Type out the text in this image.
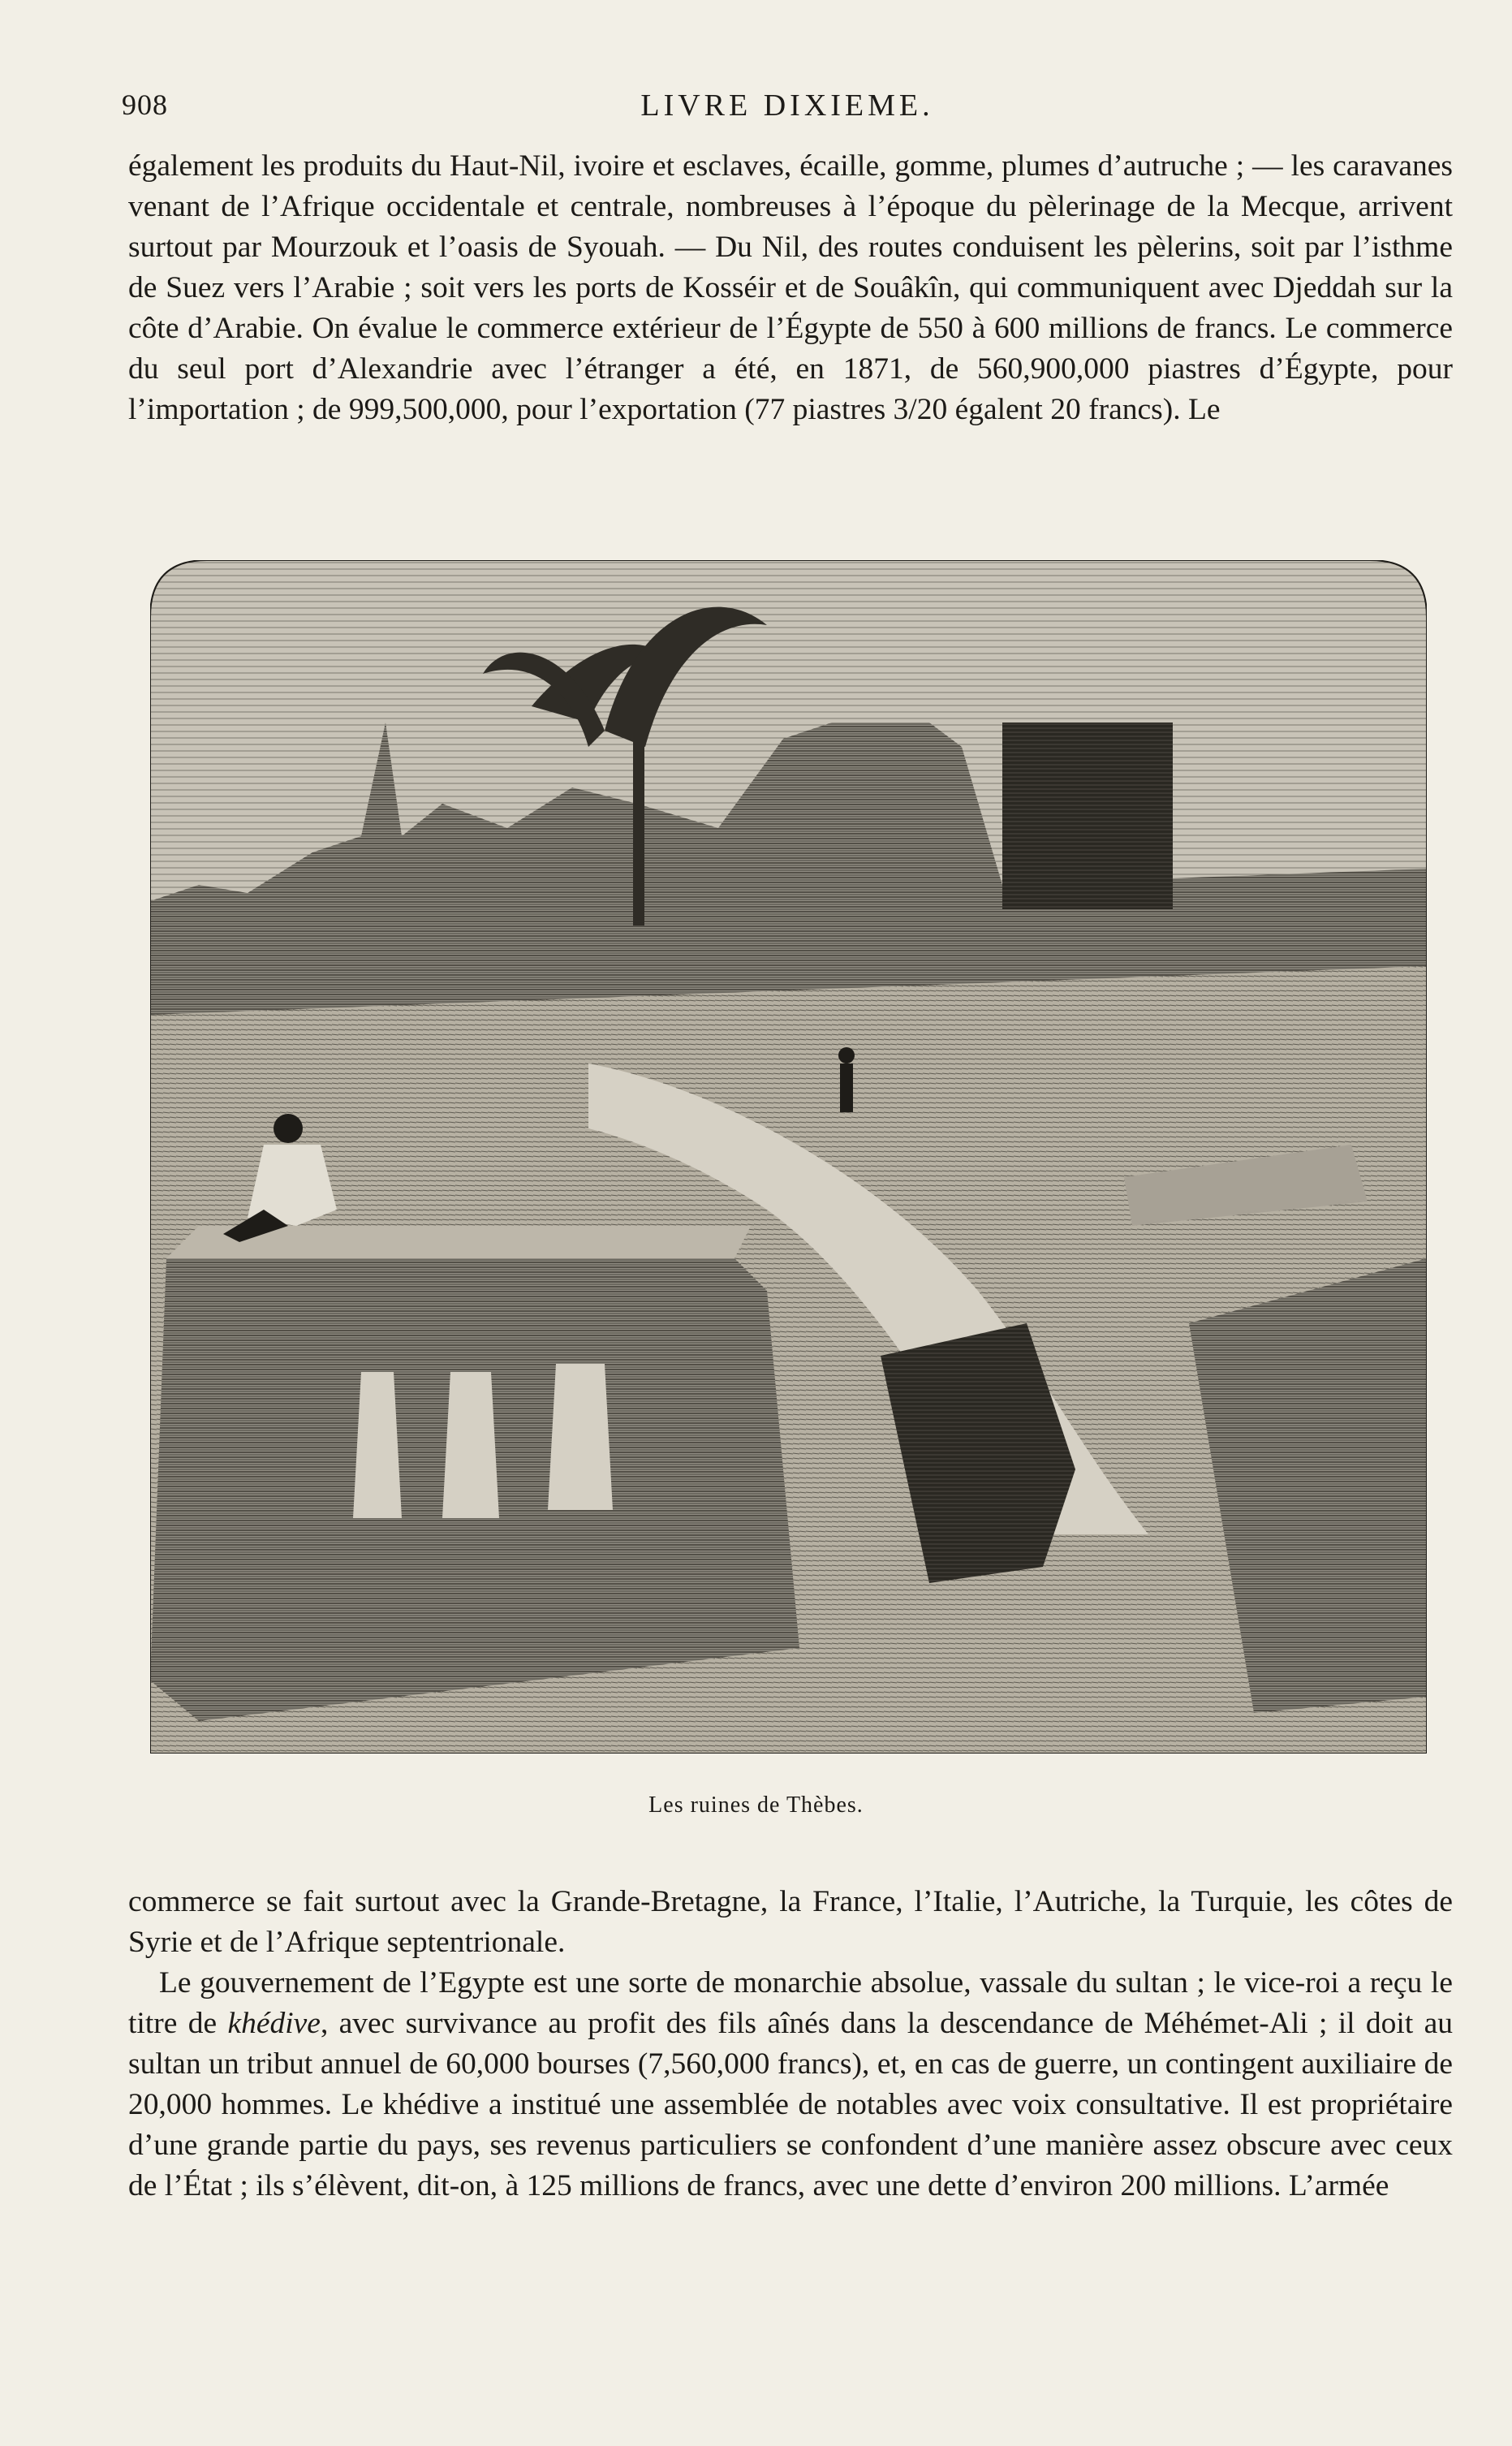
908	LIVRE DIXIEME.

également les produits du Haut-Nil, ivoire et esclaves, écaille, gomme, plumes d’autruche ; — les caravanes venant de l’Afrique occidentale et centrale, nombreuses à l’époque du pèlerinage de la Mecque, arrivent surtout par Mourzouk et l’oasis de Syouah. — Du Nil, des routes conduisent les pèlerins, soit par l’isthme de Suez vers l’Arabie ; soit vers les ports de Kosséir et de Souâkîn, qui communiquent avec Djeddah sur la côte d’Arabie. On évalue le commerce extérieur de l’Égypte de 550 à 600 millions de francs. Le commerce du seul port d’Alexandrie avec l’étranger a été, en 1871, de 560,900,000 piastres d’Égypte, pour l’importation ; de 999,500,000, pour l’exportation (77 piastres 3/20 égalent 20 francs). Le

Les ruines de Thèbes.

commerce se fait surtout avec la Grande-Bretagne, la France, l’Italie, l’Autriche, la Turquie, les côtes de Syrie et de l’Afrique septentrionale.

Le gouvernement de l’Egypte est une sorte de monarchie absolue, vassale du sultan ; le vice-roi a reçu le titre de khédive, avec survivance au profit des fils aînés dans la descendance de Méhémet-Ali ; il doit au sultan un tribut annuel de 60,000 bourses (7,560,000 francs), et, en cas de guerre, un contingent auxiliaire de 20,000 hommes. Le khédive a institué une assemblée de notables avec voix consultative. Il est propriétaire d’une grande partie du pays, ses revenus particuliers se confondent d’une manière assez obscure avec ceux de l’État ; ils s’élèvent, dit-on, à 125 millions de francs, avec une dette d’environ 200 millions. L’armée
